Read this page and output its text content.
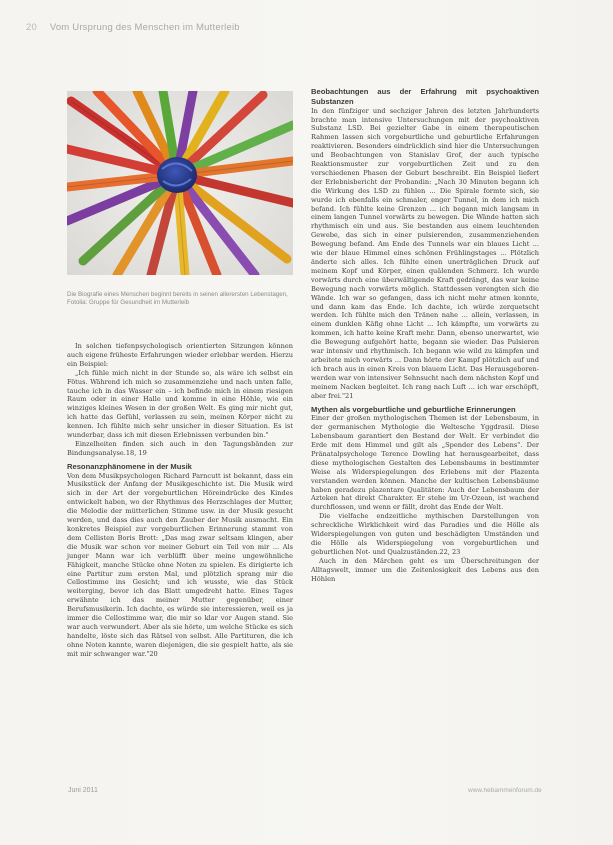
20 Vom Ursprung des Menschen im Mutterleib
Die Biografie eines Menschen beginnt bereits in seinen allerersten Lebenstagen, Fotolia: Gruppe für Gesundheit im Mutterleib

In solchen tiefenpsychologisch orientierten Sitzungen können auch eigene früheste Erfahrungen wieder erlebbar werden. Hierzu ein Beispiel:

„Ich fühle mich nicht in der Stunde so, als wäre ich selbst ein Fötus. Während ich mich so zusammenziehe und nach unten falle, tauche ich in das Wasser ein – ich befinde mich in einem riesigen Raum oder in einer Halle und komme in eine Höhle, wie ein winziges kleines Wesen in der großen Welt. Es ging mir nicht gut, ich hatte das Gefühl, verlassen zu sein, meinen Körper nicht zu kennen. Ich fühlte mich sehr unsicher in dieser Situation. Es ist wunderbar, dass ich mit diesen Erlebnissen verbunden bin."

Einzelheiten finden sich auch in den Tagungsbänden zur Bindungsanalyse.18, 19

Resonanzphänomene in der Musik

Von dem Musikpsychologen Richard Parncutt ist bekannt, dass ein Musikstück der Anfang der Musikgeschichte ist. Die Musik wird sich in der Art der vorgeburtlichen Höreindrücke des Kindes entwickelt haben, wo der Rhythmus des Herzschlages der Mutter, die Melodie der mütterlichen Stimme usw. in der Musik gesucht werden, und dass dies auch den Zauber der Musik ausmacht. Ein konkretes Beispiel zur vorgeburtlichen Erinnerung stammt von dem Cellisten Boris Brott: „Das mag zwar seltsam klingen, aber die Musik war schon vor meiner Geburt ein Teil von mir ... Als junger Mann war ich verblüfft über meine ungewöhnliche Fähigkeit, manche Stücke ohne Noten zu spielen. Es dirigierte ich eine Partitur zum ersten Mal, und plötzlich sprang mir die Cellostimme ins Gesicht; und ich wusste, wie das Stück weiterging, bevor ich das Blatt umgedreht hatte. Eines Tages erwähnte ich das meiner Mutter gegenüber, einer Berufsmusikerin. Ich dachte, es würde sie interessieren, weil es ja immer die Cellostimme war, die mir so klar vor Augen stand. Sie war auch verwundert. Aber als sie hörte, um welche Stücke es sich handelte, löste sich das Rätsel von selbst. Alle Partituren, die ich ohne Noten kannte, waren diejenigen, die sie gespielt hatte, als sie mit mir schwanger war."20

Beobachtungen aus der Erfahrung mit psychoaktiven Substanzen

In den fünfziger und sechziger Jahren des letzten Jahrhunderts brachte man intensive Untersuchungen mit der psychoaktiven Substanz LSD. Bei gezielter Gabe in einem therapeutischen Rahmen lassen sich vorgeburtliche und geburtliche Erfahrungen reaktivieren. Besonders eindrücklich sind hier die Untersuchungen und Beobachtungen von Stanislav Grof, der auch typische Reaktionsmuster zur vorgeburtlichen Zeit und zu den verschiedenen Phasen der Geburt beschreibt. Ein Beispiel liefert der Erlebnisbericht der Probandin: „Nach 30 Minuten begann ich die Wirkung des LSD zu fühlen ... Die Spirale formte sich, sie wurde ich ebenfalls ein schmaler, enger Tunnel, in dem ich mich befand. Ich fühlte keine Grenzen ... ich begann mich langsam in einem langen Tunnel vorwärts zu bewegen. Die Wände hatten sich rhythmisch ein und aus. Sie bestanden aus einem leuchtenden Gewebe, das sich in einer pulsierenden, zusammenziehenden Bewegung befand. Am Ende des Tunnels war ein blaues Licht ... wie der blaue Himmel eines schönen Frühlingstages ... Plötzlich änderte sich alles. Ich fühlte einen unerträglichen Druck auf meinem Kopf und Körper, einen quälenden Schmerz. Ich wurde vorwärts durch eine überwältigende Kraft gedrängt, das war keine Bewegung nach vorwärts möglich. Stattdessen verengten sich die Wände. Ich war so gefangen, dass ich nicht mehr atmen konnte, und dann kam das Ende. Ich dachte, ich würde zerquetscht werden. Ich fühlte mich den Tränen nahe ... allein, verlassen, in einem dunklen Käfig ohne Licht ... Ich kämpfte, um vorwärts zu kommen, ich hatte keine Kraft mehr. Dann, ebenso unerwartet, wie die Bewegung aufgehört hatte, begann sie wieder. Das Pulsieren war intensiv und rhythmisch. Ich begann wie wild zu kämpfen und arbeitete mich vorwärts ... Dann hörte der Kampf plötzlich auf und ich brach aus in einen Kreis von blauem Licht. Das Herausgeboren-werden war von intensiver Sehnsucht nach dem nächsten Kopf und meinem Nacken begleitet. Ich rang nach Luft ... ich war erschöpft, aber frei."21

Mythen als vorgeburtliche und geburtliche Erinnerungen

Einer der großen mythologischen Themen ist der Lebensbaum, in der germanischen Mythologie die Weltesche Yggdrasil. Diese Lebensbaum garantiert den Bestand der Welt. Er verbindet die Erde mit dem Himmel und gilt als „Spender des Lebens". Der Pränatalpsychologe Terence Dowling hat herausgearbeitet, dass diese mythologischen Gestalten des Lebensbaums in bestimmter Weise als Widerspiegelungen des Erlebens mit der Plazenta verstanden werden können. Manche der kultischen Lebensbäume haben geradezu plazentare Qualitäten: Auch der Lebensbaum der Azteken hat direkt Charakter. Er stehe im Ur-Ozean, ist wachend durchflossen, und wenn er fällt, droht das Ende der Welt.

Die vielfache endzeitliche mythischen Darstellungen von schreckliche Wirklichkeit wird das Paradies und die Hölle als Widerspiegelungen von guten und beschädigten Umständen und die Hölle als Widerspiegelung von vorgeburtlichen und geburtlichen Not- und Qualzuständen.22, 23

Auch in den Märchen geht es um Überschreitungen der Alltagswelt, immer um die Zeitenlosigkeit des Lebens aus den Höhlen

Juni 2011	www.hebammenforum.de
